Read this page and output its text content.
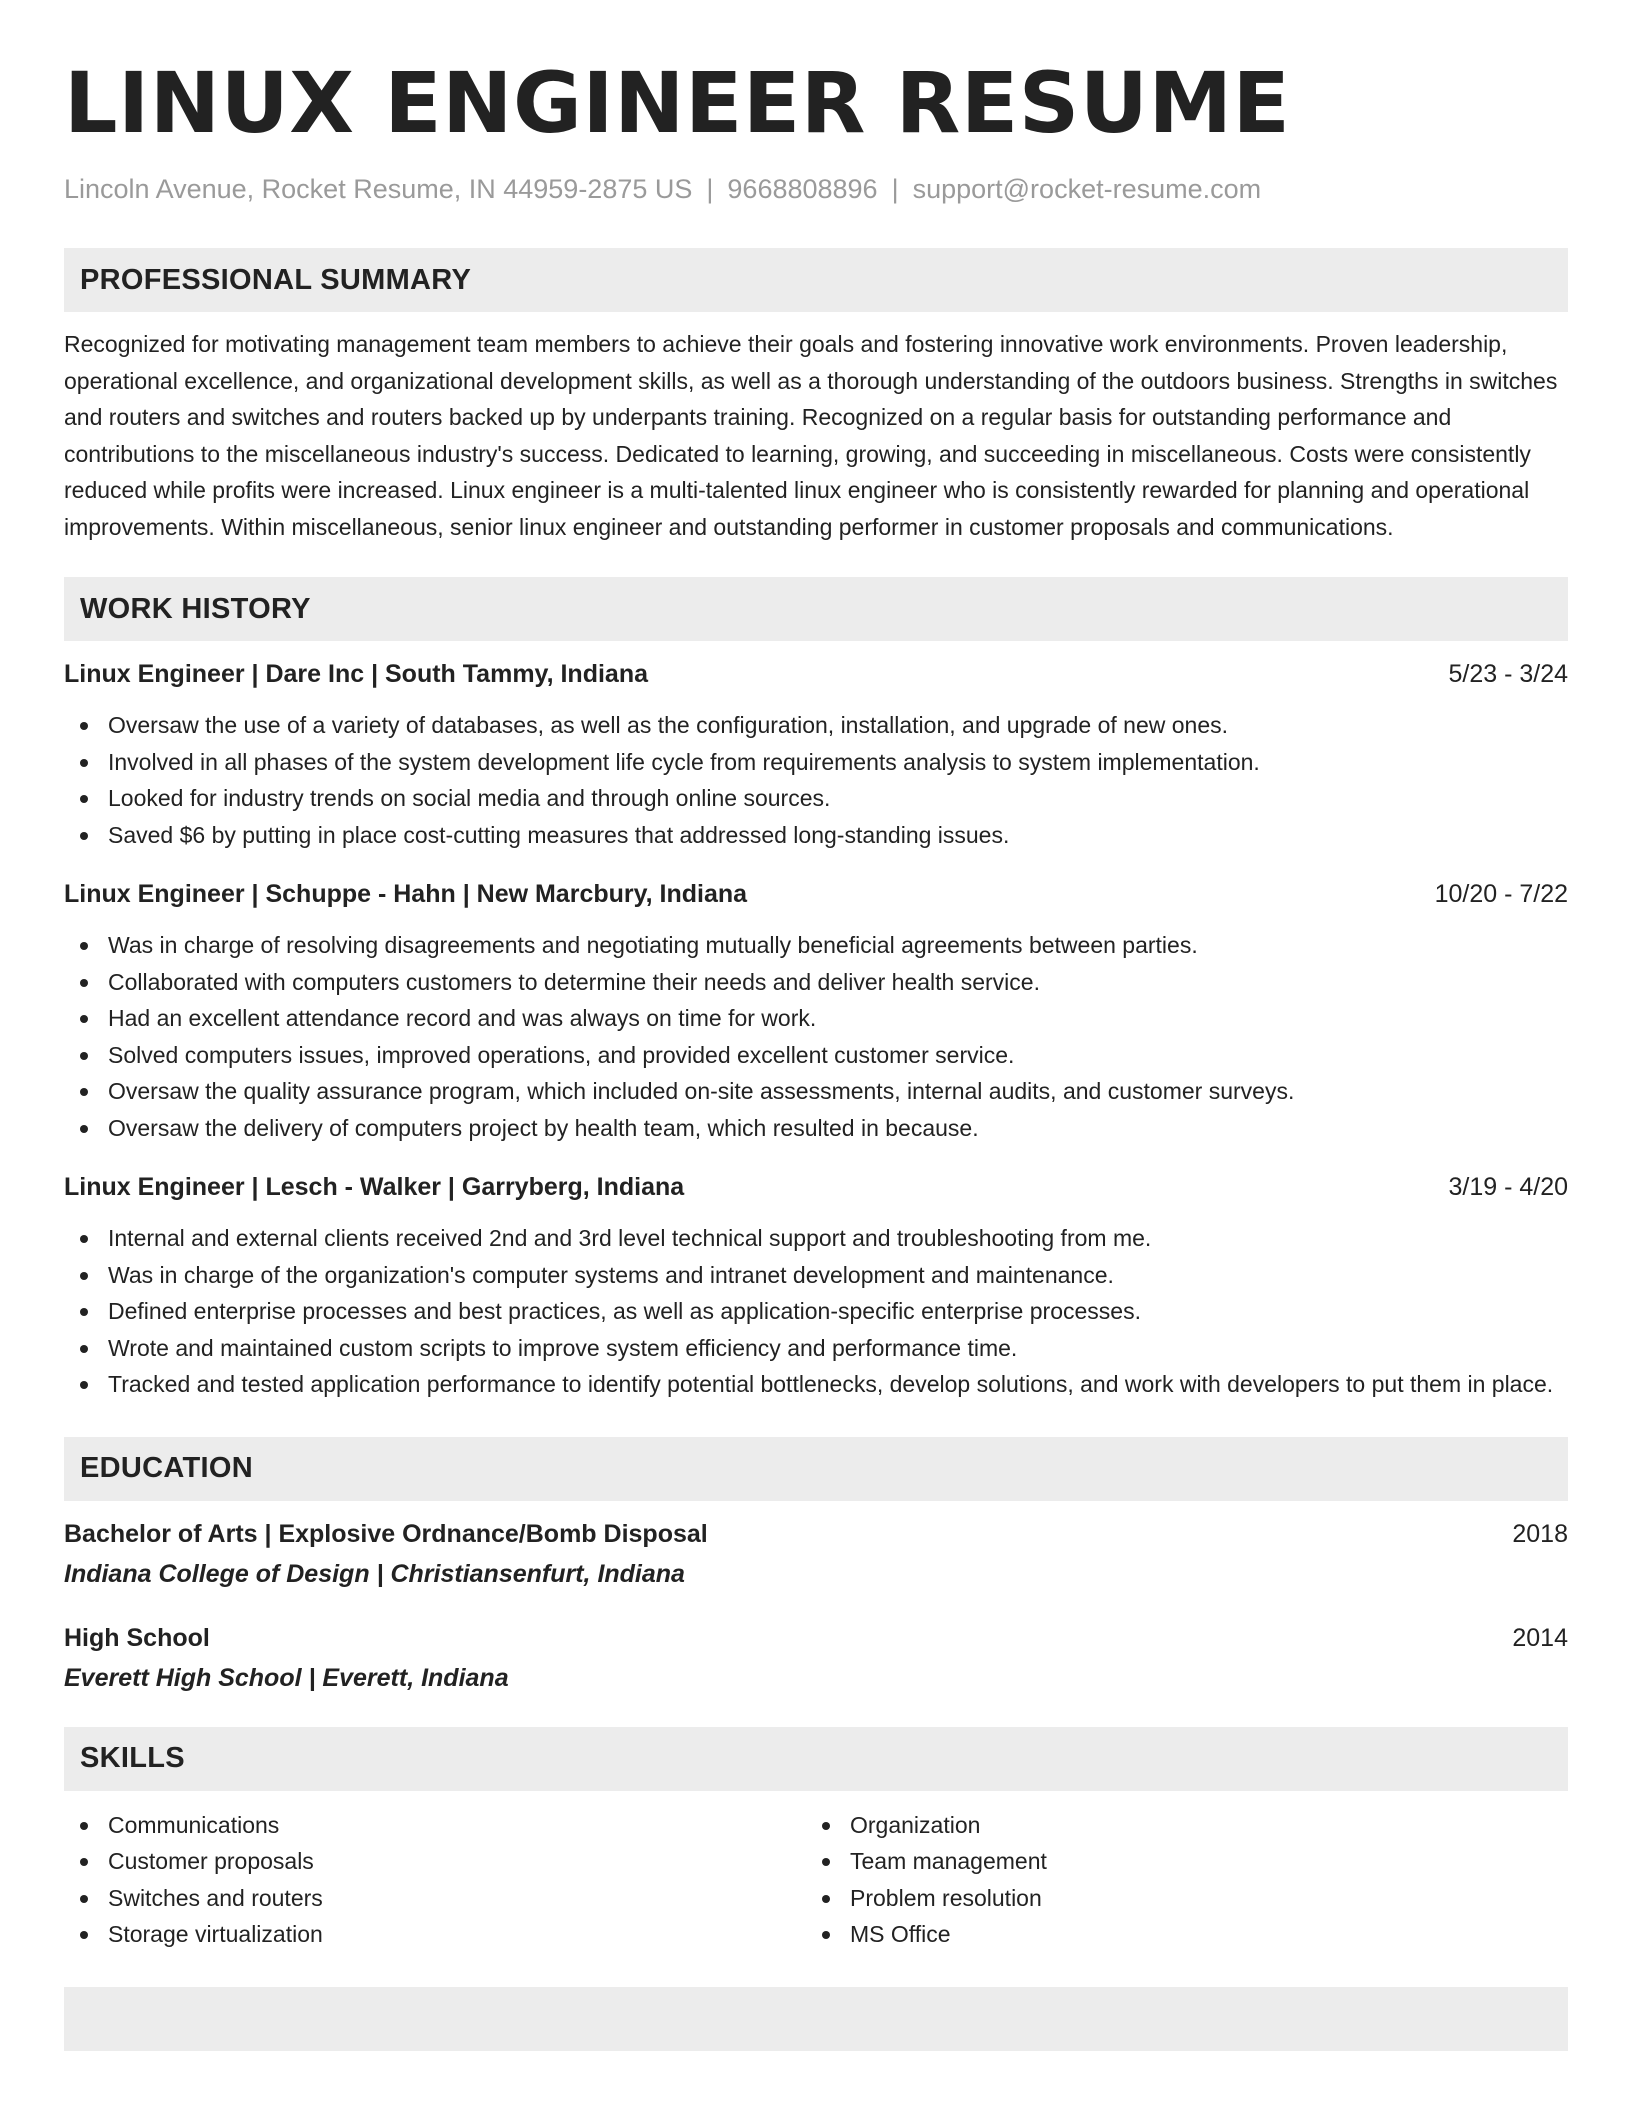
LINUX ENGINEER RESUME
Lincoln Avenue, Rocket Resume, IN 44959-2875 US | 9668808896 | support@rocket-resume.com
PROFESSIONAL SUMMARY
Recognized for motivating management team members to achieve their goals and fostering innovative work environments. Proven leadership, operational excellence, and organizational development skills, as well as a thorough understanding of the outdoors business. Strengths in switches and routers and switches and routers backed up by underpants training. Recognized on a regular basis for outstanding performance and contributions to the miscellaneous industry's success. Dedicated to learning, growing, and succeeding in miscellaneous. Costs were consistently reduced while profits were increased. Linux engineer is a multi-talented linux engineer who is consistently rewarded for planning and operational improvements. Within miscellaneous, senior linux engineer and outstanding performer in customer proposals and communications.
WORK HISTORY
Linux Engineer | Dare Inc | South Tammy, Indiana	5/23 - 3/24
Oversaw the use of a variety of databases, as well as the configuration, installation, and upgrade of new ones.
Involved in all phases of the system development life cycle from requirements analysis to system implementation.
Looked for industry trends on social media and through online sources.
Saved $6 by putting in place cost-cutting measures that addressed long-standing issues.
Linux Engineer | Schuppe - Hahn | New Marcbury, Indiana	10/20 - 7/22
Was in charge of resolving disagreements and negotiating mutually beneficial agreements between parties.
Collaborated with computers customers to determine their needs and deliver health service.
Had an excellent attendance record and was always on time for work.
Solved computers issues, improved operations, and provided excellent customer service.
Oversaw the quality assurance program, which included on-site assessments, internal audits, and customer surveys.
Oversaw the delivery of computers project by health team, which resulted in because.
Linux Engineer | Lesch - Walker | Garryberg, Indiana	3/19 - 4/20
Internal and external clients received 2nd and 3rd level technical support and troubleshooting from me.
Was in charge of the organization's computer systems and intranet development and maintenance.
Defined enterprise processes and best practices, as well as application-specific enterprise processes.
Wrote and maintained custom scripts to improve system efficiency and performance time.
Tracked and tested application performance to identify potential bottlenecks, develop solutions, and work with developers to put them in place.
EDUCATION
Bachelor of Arts | Explosive Ordnance/Bomb Disposal	2018
Indiana College of Design | Christiansenfurt, Indiana
High School	2014
Everett High School | Everett, Indiana
SKILLS
Communications
Customer proposals
Switches and routers
Storage virtualization
Organization
Team management
Problem resolution
MS Office
